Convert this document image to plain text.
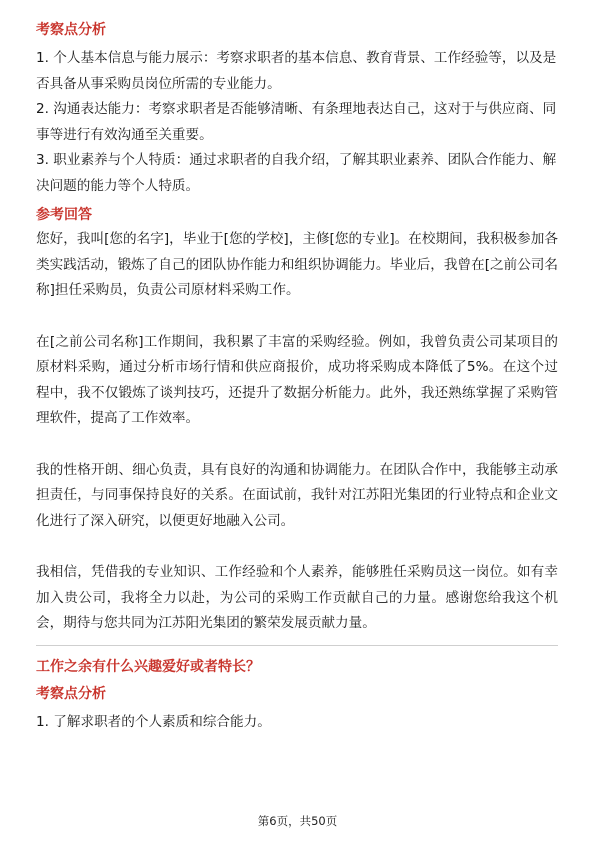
考察点分析

1. 个人基本信息与能力展示：考察求职者的基本信息、教育背景、工作经验等，以及是否具备从事采购员岗位所需的专业能力。

2. 沟通表达能力：考察求职者是否能够清晰、有条理地表达自己，这对于与供应商、同事等进行有效沟通至关重要。

3. 职业素养与个人特质：通过求职者的自我介绍，了解其职业素养、团队合作能力、解决问题的能力等个人特质。

参考回答

您好，我叫[您的名字]，毕业于[您的学校]，主修[您的专业]。在校期间，我积极参加各类实践活动，锻炼了自己的团队协作能力和组织协调能力。毕业后，我曾在[之前公司名称]担任采购员，负责公司原材料采购工作。

在[之前公司名称]工作期间，我积累了丰富的采购经验。例如，我曾负责公司某项目的原材料采购，通过分析市场行情和供应商报价，成功将采购成本降低了5%。在这个过程中，我不仅锻炼了谈判技巧，还提升了数据分析能力。此外，我还熟练掌握了采购管理软件，提高了工作效率。

我的性格开朗、细心负责，具有良好的沟通和协调能力。在团队合作中，我能够主动承担责任，与同事保持良好的关系。在面试前，我针对江苏阳光集团的行业特点和企业文化进行了深入研究，以便更好地融入公司。

我相信，凭借我的专业知识、工作经验和个人素养，能够胜任采购员这一岗位。如有幸加入贵公司，我将全力以赴，为公司的采购工作贡献自己的力量。感谢您给我这个机会，期待与您共同为江苏阳光集团的繁荣发展贡献力量。

工作之余有什么兴趣爱好或者特长？

考察点分析

1. 了解求职者的个人素质和综合能力。

第6页，共50页
